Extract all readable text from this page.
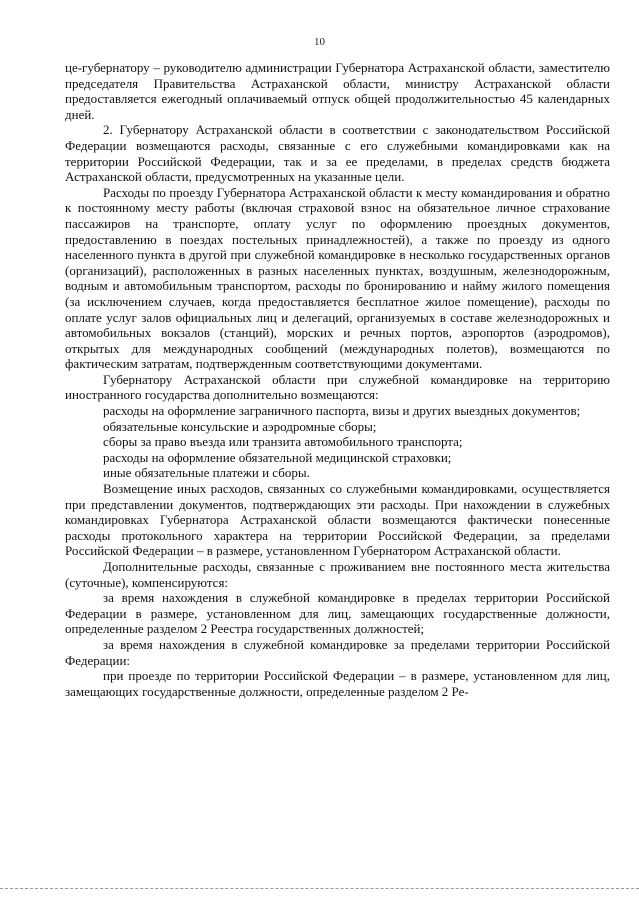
10

це-губернатору – руководителю администрации Губернатора Астраханской области, заместителю председателя Правительства Астраханской области, министру Астраханской области предоставляется ежегодный оплачиваемый отпуск общей продолжительностью 45 календарных дней.

2. Губернатору Астраханской области в соответствии с законодательством Российской Федерации возмещаются расходы, связанные с его служебными командировками как на территории Российской Федерации, так и за ее пределами, в пределах средств бюджета Астраханской области, предусмотренных на указанные цели.

Расходы по проезду Губернатора Астраханской области к месту командирования и обратно к постоянному месту работы (включая страховой взнос на обязательное личное страхование пассажиров на транспорте, оплату услуг по оформлению проездных документов, предоставлению в поездах постельных принадлежностей), а также по проезду из одного населенного пункта в другой при служебной командировке в несколько государственных органов (организаций), расположенных в разных населенных пунктах, воздушным, железнодорожным, водным и автомобильным транспортом, расходы по бронированию и найму жилого помещения (за исключением случаев, когда предоставляется бесплатное жилое помещение), расходы по оплате услуг залов официальных лиц и делегаций, организуемых в составе железнодорожных и автомобильных вокзалов (станций), морских и речных портов, аэропортов (аэродромов), открытых для международных сообщений (международных полетов), возмещаются по фактическим затратам, подтвержденным соответствующими документами.

Губернатору Астраханской области при служебной командировке на территорию иностранного государства дополнительно возмещаются:

расходы на оформление заграничного паспорта, визы и других выездных документов;

обязательные консульские и аэродромные сборы;

сборы за право въезда или транзита автомобильного транспорта;

расходы на оформление обязательной медицинской страховки;

иные обязательные платежи и сборы.

Возмещение иных расходов, связанных со служебными командировками, осуществляется при представлении документов, подтверждающих эти расходы. При нахождении в служебных командировках Губернатора Астраханской области возмещаются фактически понесенные расходы протокольного характера на территории Российской Федерации, за пределами Российской Федерации – в размере, установленном Губернатором Астраханской области.

Дополнительные расходы, связанные с проживанием вне постоянного места жительства (суточные), компенсируются:

за время нахождения в служебной командировке в пределах территории Российской Федерации в размере, установленном для лиц, замещающих государственные должности, определенные разделом 2 Реестра государственных должностей;

за время нахождения в служебной командировке за пределами территории Российской Федерации:

при проезде по территории Российской Федерации – в размере, установленном для лиц, замещающих государственные должности, определенные разделом 2 Ре-
